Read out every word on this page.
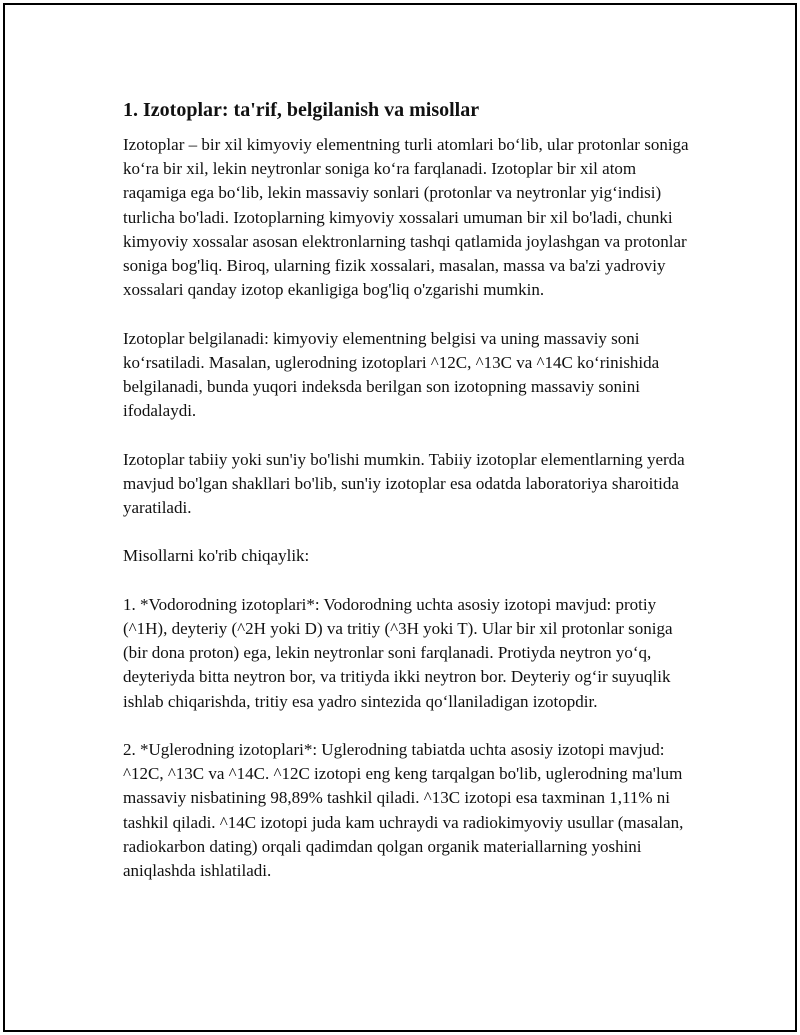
1. Izotoplar: ta'rif, belgilanish va misollar

Izotoplar – bir xil kimyoviy elementning turli atomlari bo‘lib, ular protonlar soniga ko‘ra bir xil, lekin neytronlar soniga ko‘ra farqlanadi. Izotoplar bir xil atom raqamiga ega bo‘lib, lekin massaviy sonlari (protonlar va neytronlar yig‘indisi) turlicha bo'ladi. Izotoplarning kimyoviy xossalari umuman bir xil bo'ladi, chunki kimyoviy xossalar asosan elektronlarning tashqi qatlamida joylashgan va protonlar soniga bog'liq. Biroq, ularning fizik xossalari, masalan, massa va ba'zi yadroviy xossalari qanday izotop ekanligiga bog'liq o'zgarishi mumkin.

Izotoplar belgilanadi: kimyoviy elementning belgisi va uning massaviy soni ko‘rsatiladi. Masalan, uglerodning izotoplari ^12C, ^13C va ^14C ko‘rinishida belgilanadi, bunda yuqori indeksda berilgan son izotopning massaviy sonini ifodalaydi.

Izotoplar tabiiy yoki sun'iy bo'lishi mumkin. Tabiiy izotoplar elementlarning yerda mavjud bo'lgan shakllari bo'lib, sun'iy izotoplar esa odatda laboratoriya sharoitida yaratiladi.

Misollarni ko'rib chiqaylik:

1. *Vodorodning izotoplari*: Vodorodning uchta asosiy izotopi mavjud: protiy (^1H), deyteriy (^2H yoki D) va tritiy (^3H yoki T). Ular bir xil protonlar soniga (bir dona proton) ega, lekin neytronlar soni farqlanadi. Protiyda neytron yo‘q, deyteriyda bitta neytron bor, va tritiyda ikki neytron bor. Deyteriy og‘ir suyuqlik ishlab chiqarishda, tritiy esa yadro sintezida qo‘llaniladigan izotopdir.

2. *Uglerodning izotoplari*: Uglerodning tabiatda uchta asosiy izotopi mavjud: ^12C, ^13C va ^14C. ^12C izotopi eng keng tarqalgan bo'lib, uglerodning ma'lum massaviy nisbatining 98,89% tashkil qiladi. ^13C izotopi esa taxminan 1,11% ni tashkil qiladi. ^14C izotopi juda kam uchraydi va radiokimyoviy usullar (masalan, radiokarbon dating) orqali qadimdan qolgan organik materiallarning yoshini aniqlashda ishlatiladi.
